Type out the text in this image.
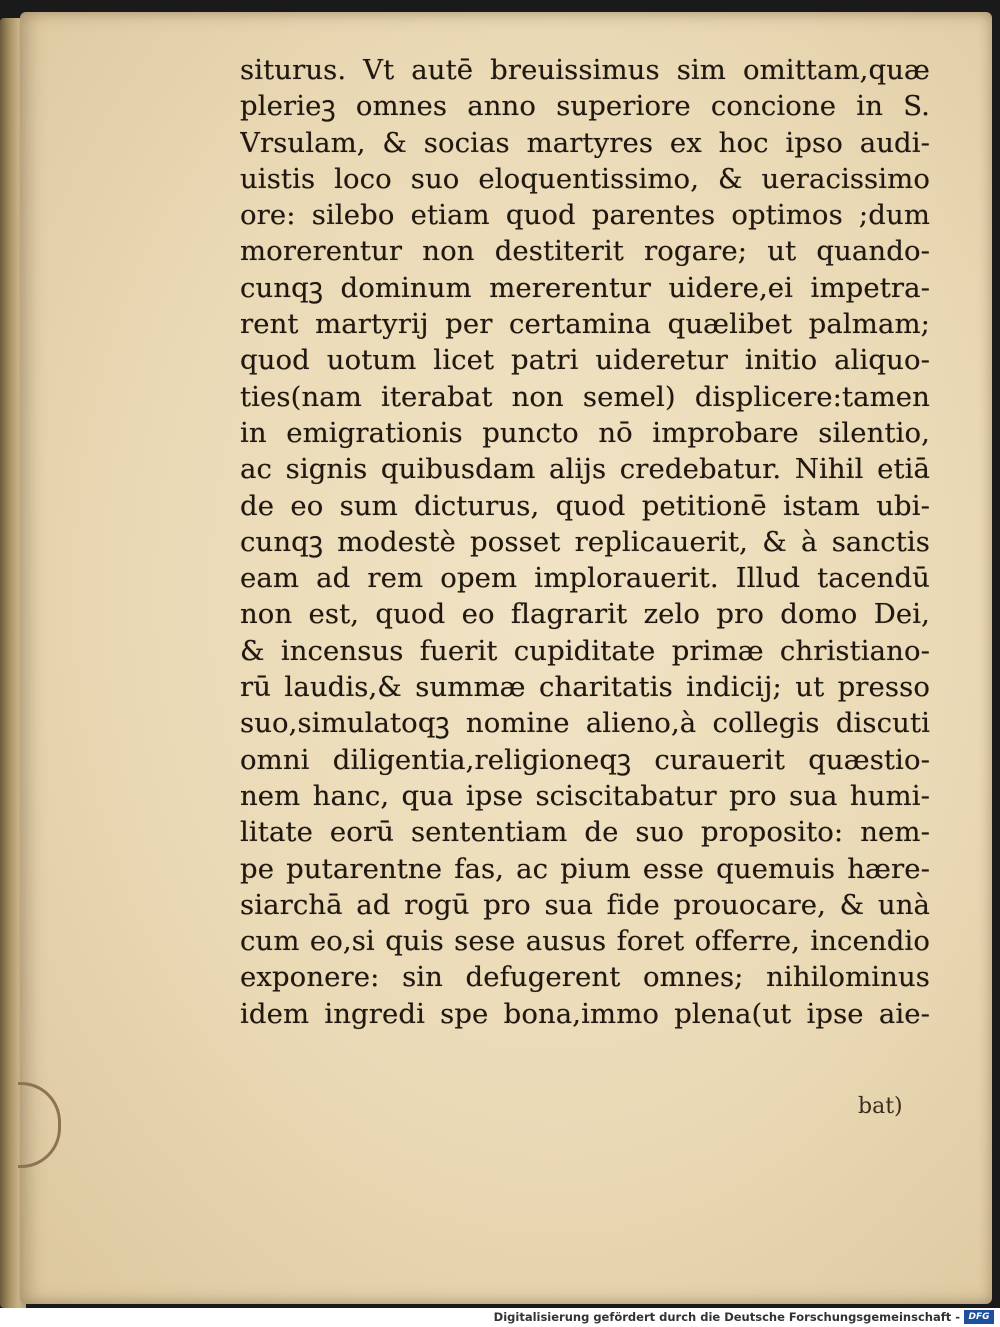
siturus. Vt autē breuissimus sim omittam,quæ
plerieꝫ omnes anno superiore concione in S.
Vrsulam, & socias martyres ex hoc ipso audi-
uistis loco suo eloquentissimo, & ueracissimo
ore: silebo etiam quod parentes optimos ;dum
morerentur non destiterit rogare; ut quando-
cunqꝫ dominum mererentur uidere,ei impetra-
rent martyrij per certamina quælibet palmam;
quod uotum licet patri uideretur initio aliquo-
ties(nam iterabat non semel) displicere:tamen
in emigrationis puncto nō improbare silentio,
ac signis quibusdam alijs credebatur. Nihil etiā
de eo sum dicturus, quod petitionē istam ubi-
cunqꝫ modestè posset replicauerit, & à sanctis
eam ad rem opem implorauerit. Illud tacendū
non est, quod eo flagrarit zelo pro domo Dei,
& incensus fuerit cupiditate primæ christiano-
rū laudis,& summæ charitatis indicij; ut presso
suo,simulatoqꝫ nomine alieno,à collegis discuti
omni diligentia,religioneqꝫ curauerit quæstio-
nem hanc, qua ipse sciscitabatur pro sua humi-
litate eorū sententiam de suo proposito: nem-
pe putarentne fas, ac pium esse quemuis hære-
siarchā ad rogū pro sua fide prouocare, & unà
cum eo,si quis sese ausus foret offerre, incendio
exponere: sin defugerent omnes; nihilominus
idem ingredi spe bona,immo plena(ut ipse aie-
bat)
Digitalisierung gefördert durch die Deutsche Forschungsgemeinschaft - DFG
